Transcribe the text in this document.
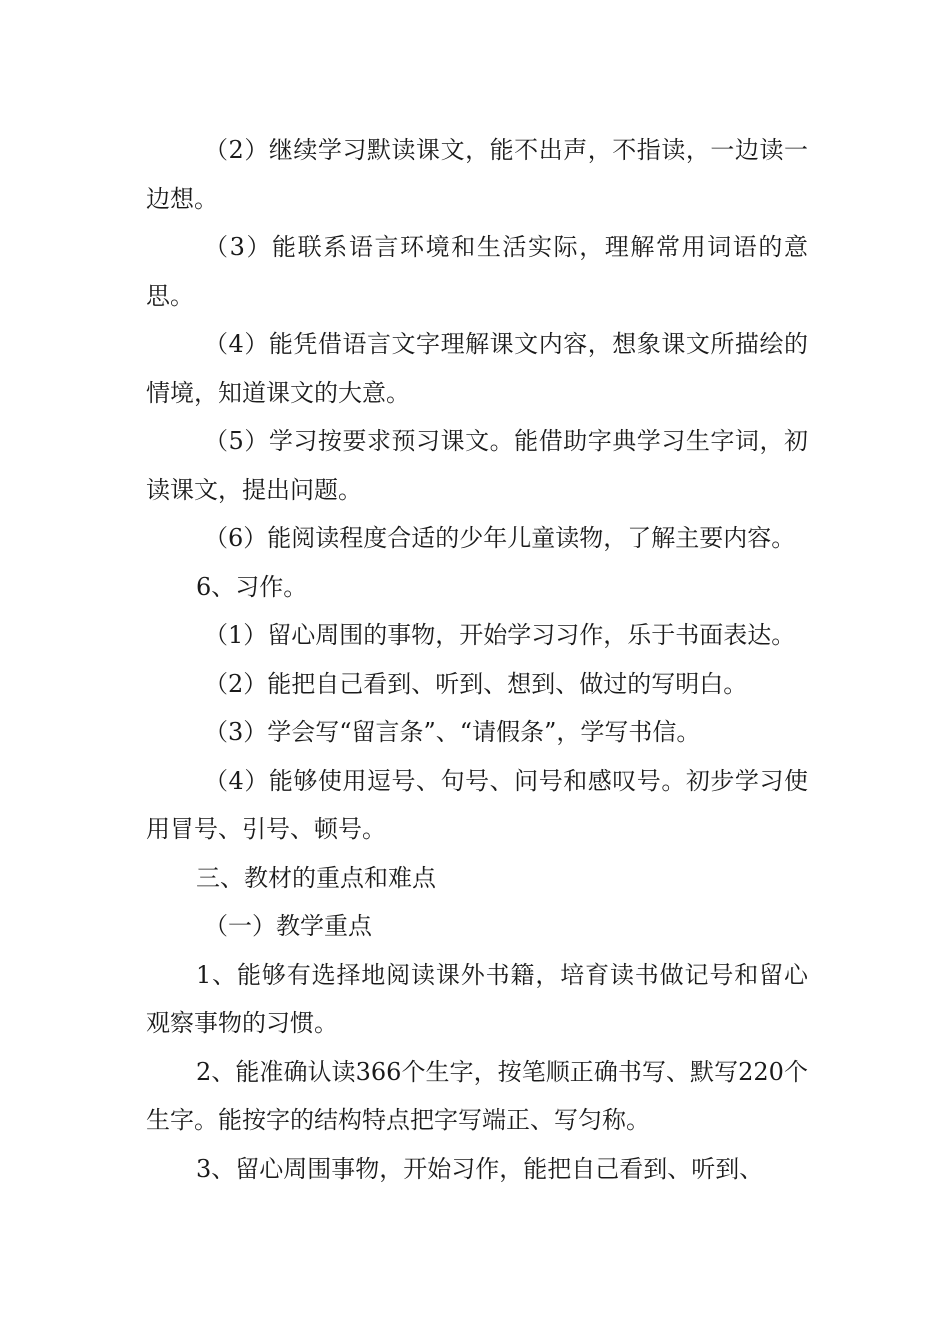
（2）继续学习默读课文，能不出声，不指读，一边读一边想。

（3）能联系语言环境和生活实际，理解常用词语的意思。

（4）能凭借语言文字理解课文内容，想象课文所描绘的情境，知道课文的大意。

（5）学习按要求预习课文。能借助字典学习生字词，初读课文，提出问题。

（6）能阅读程度合适的少年儿童读物，了解主要内容。

6、习作。

（1）留心周围的事物，开始学习习作，乐于书面表达。

（2）能把自己看到、听到、想到、做过的写明白。

（3）学会写“留言条”、“请假条”，学写书信。

（4）能够使用逗号、句号、问号和感叹号。初步学习使用冒号、引号、顿号。

三、教材的重点和难点

（一）教学重点

1、能够有选择地阅读课外书籍，培育读书做记号和留心观察事物的习惯。

2、能准确认读366个生字，按笔顺正确书写、默写220个生字。能按字的结构特点把字写端正、写匀称。

3、留心周围事物，开始习作，能把自己看到、听到、
